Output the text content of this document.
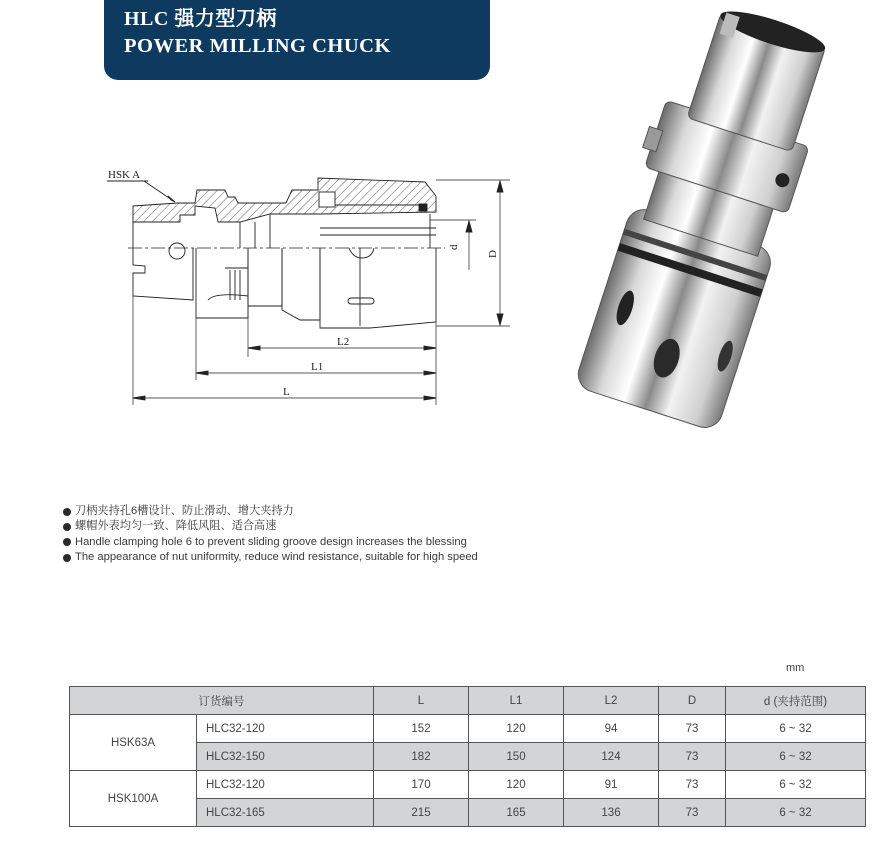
HLC 强力型刀柄
POWER MILLING CHUCK
HSK A
L2
L1
L
d
D
刀柄夹持孔6槽设计、防止滑动、增大夹持力
螺帽外表均匀一致、降低风阻、适合高速
Handle clamping hole 6 to prevent sliding groove design increases the blessing
The appearance of nut uniformity, reduce wind resistance, suitable for high speed
mm
订货编号		L	L1	L2	D	d (夹持范围)
HSK63A	HLC32-120	152	120	94	73	6 ~ 32
	HLC32-150	182	150	124	73	6 ~ 32
HSK100A	HLC32-120	170	120	91	73	6 ~ 32
	HLC32-165	215	165	136	73	6 ~ 32
